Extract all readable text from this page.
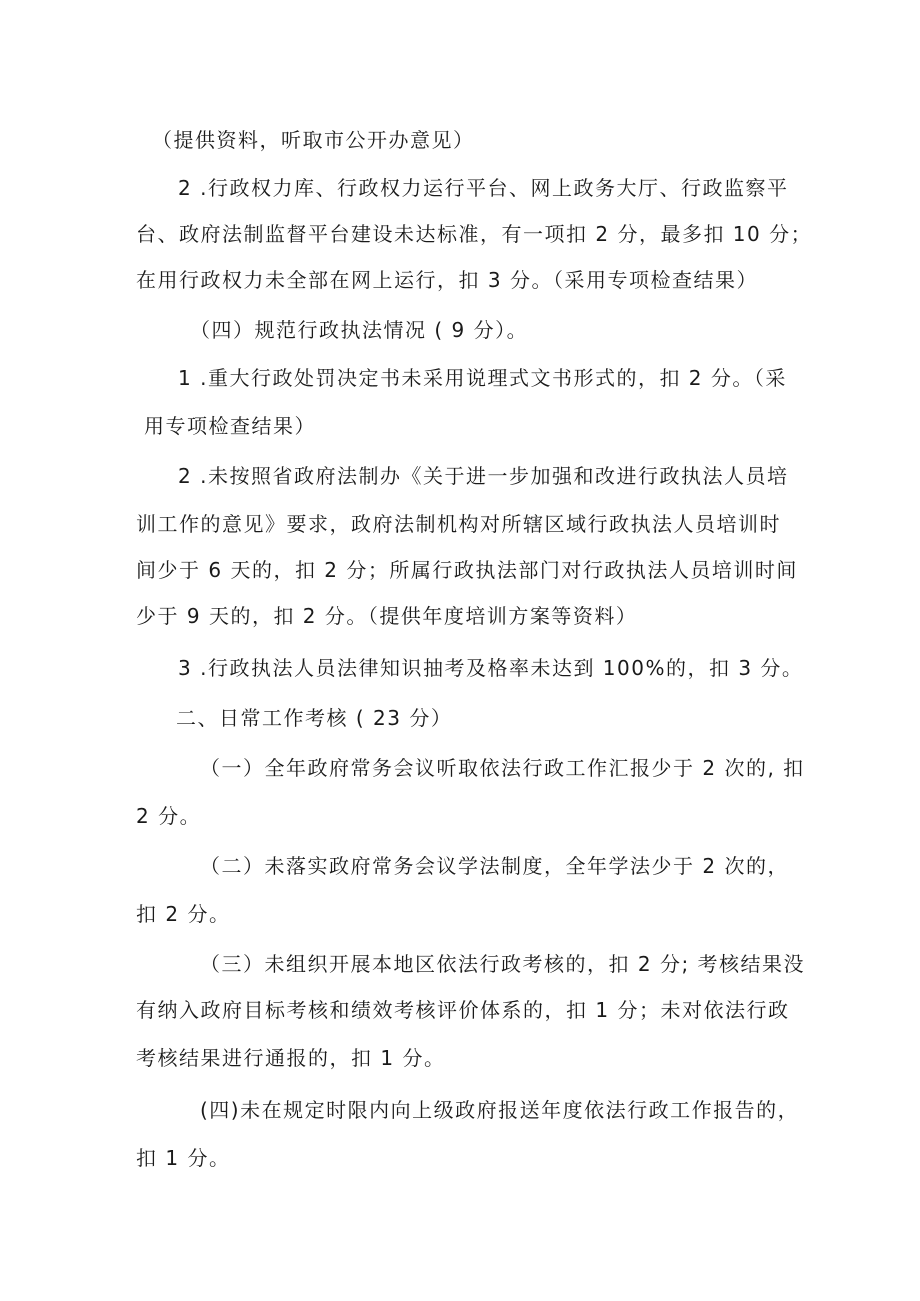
（提供资料，听取市公开办意见）
2 .行政权力库、行政权力运行平台、网上政务大厅、行政监察平
台、政府法制监督平台建设未达标准，有一项扣 2 分，最多扣 10 分；
在用行政权力未全部在网上运行，扣 3 分。（采用专项检查结果）
（四）规范行政执法情况 ( 9 分）。
1 .重大行政处罚决定书未采用说理式文书形式的，扣 2 分。（采
用专项检查结果）
2 .未按照省政府法制办《关于进一步加强和改进行政执法人员培
训工作的意见》要求，政府法制机构对所辖区域行政执法人员培训时
间少于 6 天的，扣 2 分；所属行政执法部门对行政执法人员培训时间
少于 9 天的，扣 2 分。（提供年度培训方案等资料）
3 .行政执法人员法律知识抽考及格率未达到 100%的，扣 3 分。
二、日常工作考核 ( 23 分）
（一）全年政府常务会议听取依法行政工作汇报少于 2 次的, 扣
2 分。
（二）未落实政府常务会议学法制度，全年学法少于 2 次的，
扣 2 分。
（三）未组织开展本地区依法行政考核的，扣 2 分; 考核结果没
有纳入政府目标考核和绩效考核评价体系的，扣 1 分；未对依法行政
考核结果进行通报的，扣 1 分。
(四)未在规定时限内向上级政府报送年度依法行政工作报告的，
扣 1 分。
